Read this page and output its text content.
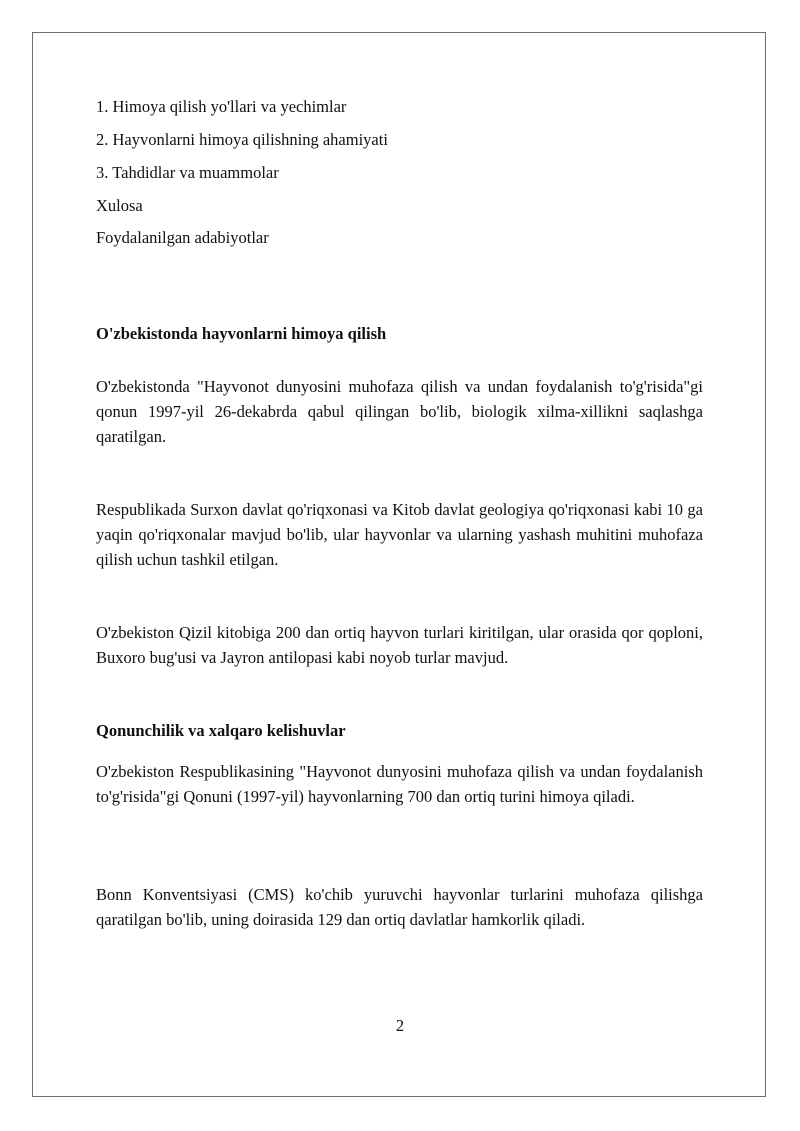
1. Himoya qilish yo'llari va yechimlar
2. Hayvonlarni himoya qilishning ahamiyati
3. Tahdidlar va muammolar
Xulosa
Foydalanilgan adabiyotlar
O'zbekistonda hayvonlarni himoya qilish

O'zbekistonda "Hayvonot dunyosini muhofaza qilish va undan foydalanish to'g'risida"gi qonun 1997-yil 26-dekabrda qabul qilingan bo'lib, biologik xilma-xillikni saqlashga qaratilgan.

Respublikada Surxon davlat qo'riqxonasi va Kitob davlat geologiya qo'riqxonasi kabi 10 ga yaqin qo'riqxonalar mavjud bo'lib, ular hayvonlar va ularning yashash muhitini muhofaza qilish uchun tashkil etilgan.

O'zbekiston Qizil kitobiga 200 dan ortiq hayvon turlari kiritilgan, ular orasida qor qoploni, Buxoro bug'usi va Jayron antilopasi kabi noyob turlar mavjud.

Qonunchilik va xalqaro kelishuvlar

O'zbekiston Respublikasining "Hayvonot dunyosini muhofaza qilish va undan foydalanish to'g'risida"gi Qonuni (1997-yil) hayvonlarning 700 dan ortiq turini himoya qiladi.

Bonn Konventsiyasi (CMS) ko'chib yuruvchi hayvonlar turlarini muhofaza qilishga qaratilgan bo'lib, uning doirasida 129 dan ortiq davlatlar hamkorlik qiladi.

2
